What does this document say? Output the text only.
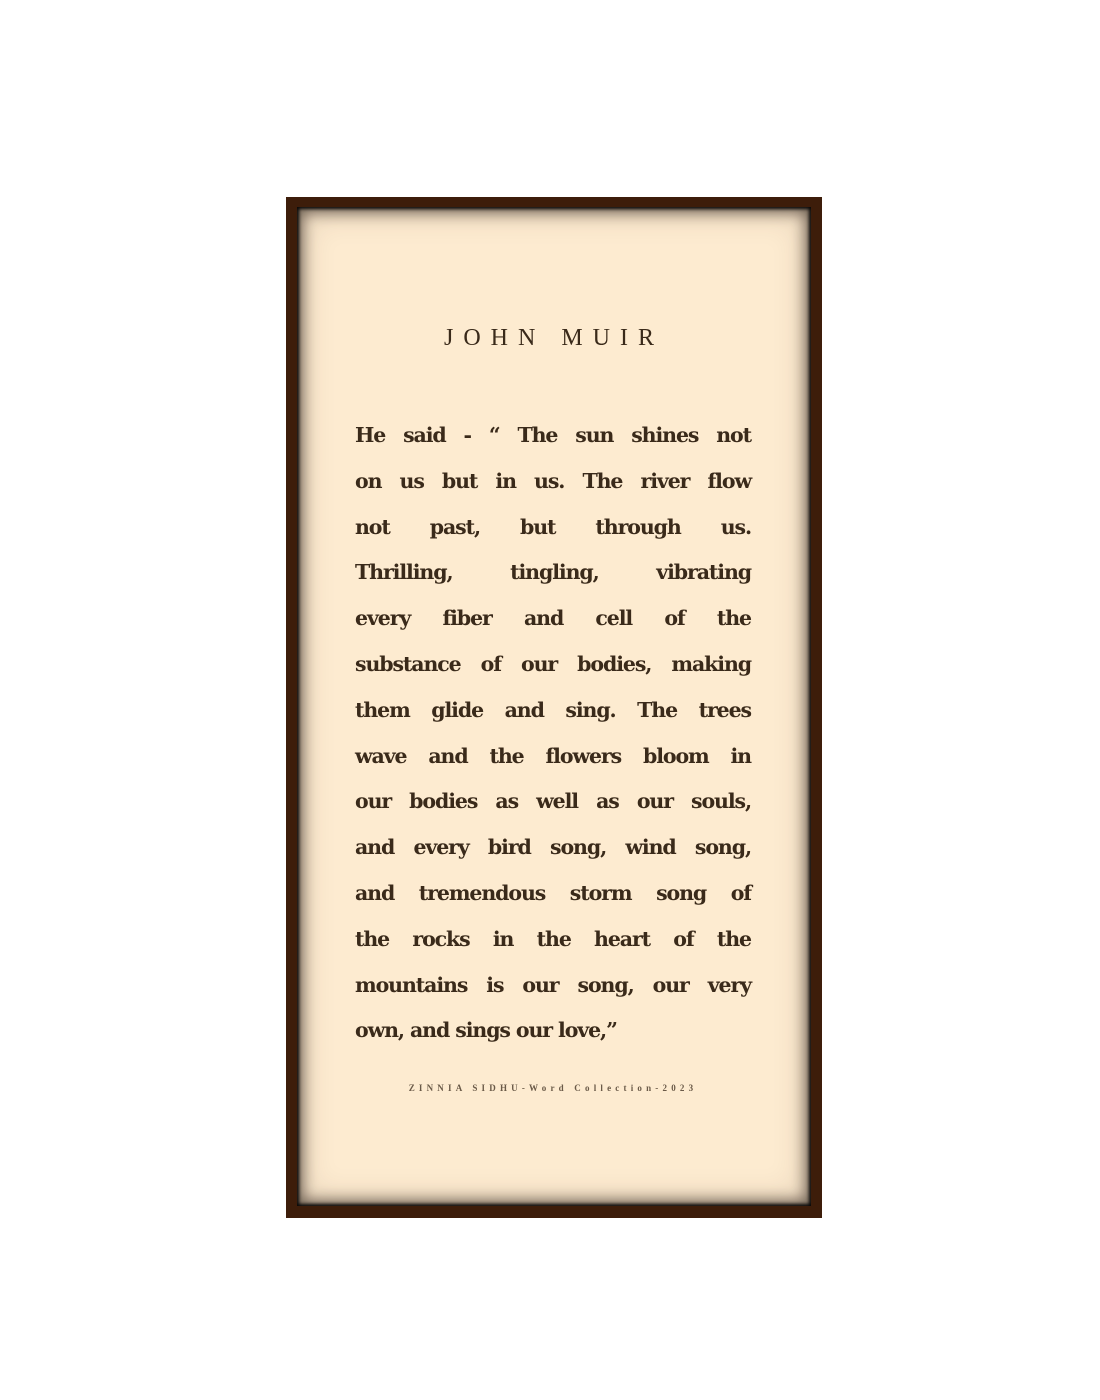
JOHN MUIR
He said - “ The sun shines not
on us but in us. The river flow
not past, but through us.
Thrilling, tingling, vibrating
every fiber and cell of the
substance of our bodies, making
them glide and sing. The trees
wave and the flowers bloom in
our bodies as well as our souls,
and every bird song, wind song,
and tremendous storm song of
the rocks in the heart of the
mountains is our song, our very
own, and sings our love,”

ZINNIA SIDHU-Word Collection-2023
